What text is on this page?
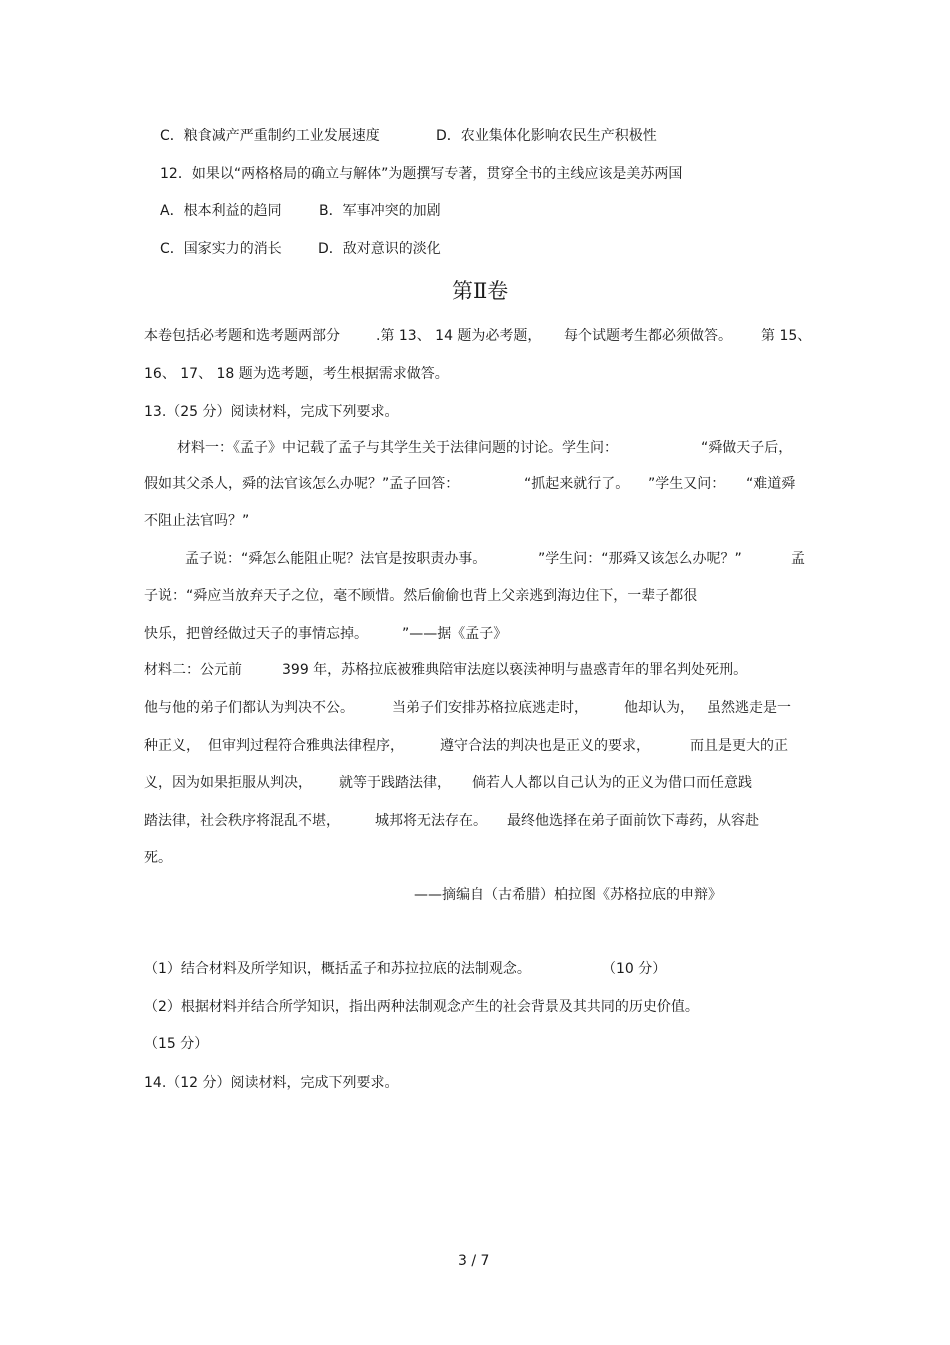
C．粮食减产严重制约工业发展速度	D．农业集体化影响农民生产积极性
12．如果以“两格格局的确立与解体”为题撰写专著，贯穿全书的主线应该是美苏两国
A．根本利益的趋同	B．军事冲突的加剧
C．国家实力的消长	D．敌对意识的淡化
第Ⅱ卷
本卷包括必考题和选考题两部分	.第 13、 14 题为必考题， 每个试题考生都必须做答。 第 15、
16、 17、 18 题为选考题，考生根据需求做答。
13.（25 分）阅读材料，完成下列要求。
材料一：《孟子》中记载了孟子与其学生关于法律问题的讨论。学生问：	“舜做天子后，
假如其父杀人，舜的法官该怎么办呢？”孟子回答：	“抓起来就行了。 ”学生又问： “难道舜
不阻止法官吗？”
孟子说：“舜怎么能阻止呢？法官是按职责办事。	”学生问：“那舜又该怎么办呢？”	孟
子说：“舜应当放弃天子之位，毫不顾惜。然后偷偷也背上父亲逃到海边住下，一辈子都很
快乐，把曾经做过天子的事情忘掉。 ”——据《孟子》
材料二：公元前	399 年，苏格拉底被雅典陪审法庭以亵渎神明与蛊惑青年的罪名判处死刑。
他与他的弟子们都认为判决不公。	当弟子们安排苏格拉底逃走时，	他却认为， 虽然逃走是一
种正义， 但审判过程符合雅典法律程序，	遵守合法的判决也是正义的要求，	而且是更大的正
义，因为如果拒服从判决， 就等于践踏法律， 倘若人人都以自己认为的正义为借口而任意践
踏法律，社会秩序将混乱不堪，	城邦将无法存在。 最终他选择在弟子面前饮下毒药，从容赴
死。
——摘编自（古希腊）柏拉图《苏格拉底的申辩》
（1）结合材料及所学知识，概括孟子和苏拉拉底的法制观念。	（10 分）
（2）根据材料并结合所学知识，指出两种法制观念产生的社会背景及其共同的历史价值。
（15 分）
14.（12 分）阅读材料，完成下列要求。
3 / 7
